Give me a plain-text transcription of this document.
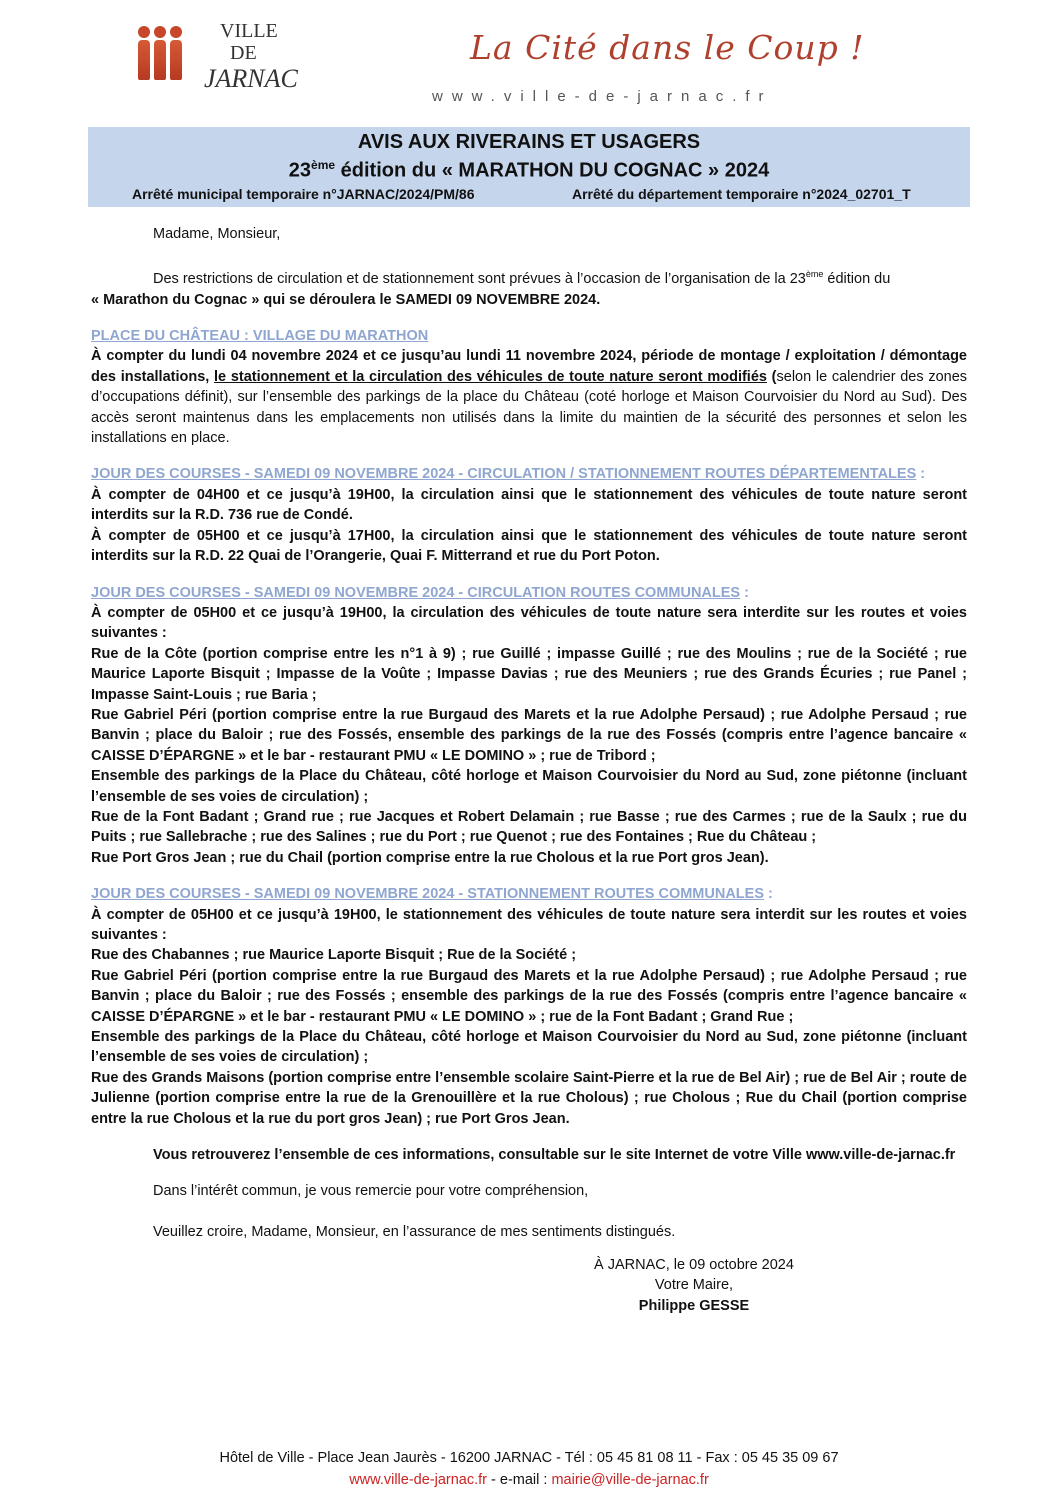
VILLE
DE
JARNAC
La Cité dans le Coup !
www.ville-de-jarnac.fr
AVIS AUX RIVERAINS ET USAGERS
23ème édition du « MARATHON DU COGNAC » 2024
Arrêté municipal temporaire n°JARNAC/2024/PM/86	Arrêté du département temporaire n°2024_02701_T

Madame, Monsieur,

Des restrictions de circulation et de stationnement sont prévues à l’occasion de l’organisation de la 23ème édition du

« Marathon du Cognac » qui se déroulera le SAMEDI 09 NOVEMBRE 2024.

PLACE DU CHÂTEAU : VILLAGE DU MARATHON

À compter du lundi 04 novembre 2024 et ce jusqu’au lundi 11 novembre 2024, période de montage / exploitation / démontage des installations, le stationnement et la circulation des véhicules de toute nature seront modifiés (selon le calendrier des zones d’occupations définit), sur l’ensemble des parkings de la place du Château (coté horloge et Maison Courvoisier du Nord au Sud). Des accès seront maintenus dans les emplacements non utilisés dans la limite du maintien de la sécurité des personnes et selon les installations en place.

JOUR DES COURSES - SAMEDI 09 NOVEMBRE 2024 - CIRCULATION / STATIONNEMENT ROUTES DÉPARTEMENTALES :

À compter de 04H00 et ce jusqu’à 19H00, la circulation ainsi que le stationnement des véhicules de toute nature seront interdits sur la R.D. 736 rue de Condé.

À compter de 05H00 et ce jusqu’à 17H00, la circulation ainsi que le stationnement des véhicules de toute nature seront interdits sur la R.D. 22 Quai de l’Orangerie, Quai F. Mitterrand et rue du Port Poton.

JOUR DES COURSES - SAMEDI 09 NOVEMBRE 2024 - CIRCULATION ROUTES COMMUNALES :

À compter de 05H00 et ce jusqu’à 19H00, la circulation des véhicules de toute nature sera interdite sur les routes et voies suivantes :

Rue de la Côte (portion comprise entre les n°1 à 9) ; rue Guillé ; impasse Guillé ; rue des Moulins ; rue de la Société ; rue Maurice Laporte Bisquit ; Impasse de la Voûte ; Impasse Davias ; rue des Meuniers ; rue des Grands Écuries ; rue Panel ; Impasse Saint-Louis ; rue Baria ;

Rue Gabriel Péri (portion comprise entre la rue Burgaud des Marets et la rue Adolphe Persaud) ; rue Adolphe Persaud ; rue Banvin ; place du Baloir ; rue des Fossés, ensemble des parkings de la rue des Fossés (compris entre l’agence bancaire « CAISSE D’ÉPARGNE » et le bar - restaurant PMU « LE DOMINO » ; rue de Tribord ;

Ensemble des parkings de la Place du Château, côté horloge et Maison Courvoisier du Nord au Sud, zone piétonne (incluant l’ensemble de ses voies de circulation) ;

Rue de la Font Badant ; Grand rue ; rue Jacques et Robert Delamain ; rue Basse ; rue des Carmes ; rue de la Saulx ; rue du Puits ; rue Sallebrache ; rue des Salines ; rue du Port ; rue Quenot ; rue des Fontaines ; Rue du Château ;

Rue Port Gros Jean ; rue du Chail (portion comprise entre la rue Cholous et la rue Port gros Jean).

JOUR DES COURSES - SAMEDI 09 NOVEMBRE 2024 - STATIONNEMENT ROUTES COMMUNALES :

À compter de 05H00 et ce jusqu’à 19H00, le stationnement des véhicules de toute nature sera interdit sur les routes et voies suivantes :

Rue des Chabannes ; rue Maurice Laporte Bisquit ; Rue de la Société ;

Rue Gabriel Péri (portion comprise entre la rue Burgaud des Marets et la rue Adolphe Persaud) ; rue Adolphe Persaud ; rue Banvin ; place du Baloir ; rue des Fossés ; ensemble des parkings de la rue des Fossés (compris entre l’agence bancaire « CAISSE D’ÉPARGNE » et le bar - restaurant PMU « LE DOMINO » ; rue de la Font Badant ; Grand Rue ;

Ensemble des parkings de la Place du Château, côté horloge et Maison Courvoisier du Nord au Sud, zone piétonne (incluant l’ensemble de ses voies de circulation) ;

Rue des Grands Maisons (portion comprise entre l’ensemble scolaire Saint-Pierre et la rue de Bel Air) ; rue de Bel Air ; route de Julienne (portion comprise entre la rue de la Grenouillère et la rue Cholous) ; rue Cholous ; Rue du Chail (portion comprise entre la rue Cholous et la rue du port gros Jean) ; rue Port Gros Jean.

Vous retrouverez l’ensemble de ces informations, consultable sur le site Internet de votre Ville www.ville-de-jarnac.fr

Dans l’intérêt commun, je vous remercie pour votre compréhension,

Veuillez croire, Madame, Monsieur, en l’assurance de mes sentiments distingués.

À JARNAC, le 09 octobre 2024
Votre Maire,
Philippe GESSE
Hôtel de Ville - Place Jean Jaurès - 16200 JARNAC - Tél : 05 45 81 08 11 - Fax : 05 45 35 09 67
www.ville-de-jarnac.fr - e-mail : mairie@ville-de-jarnac.fr
